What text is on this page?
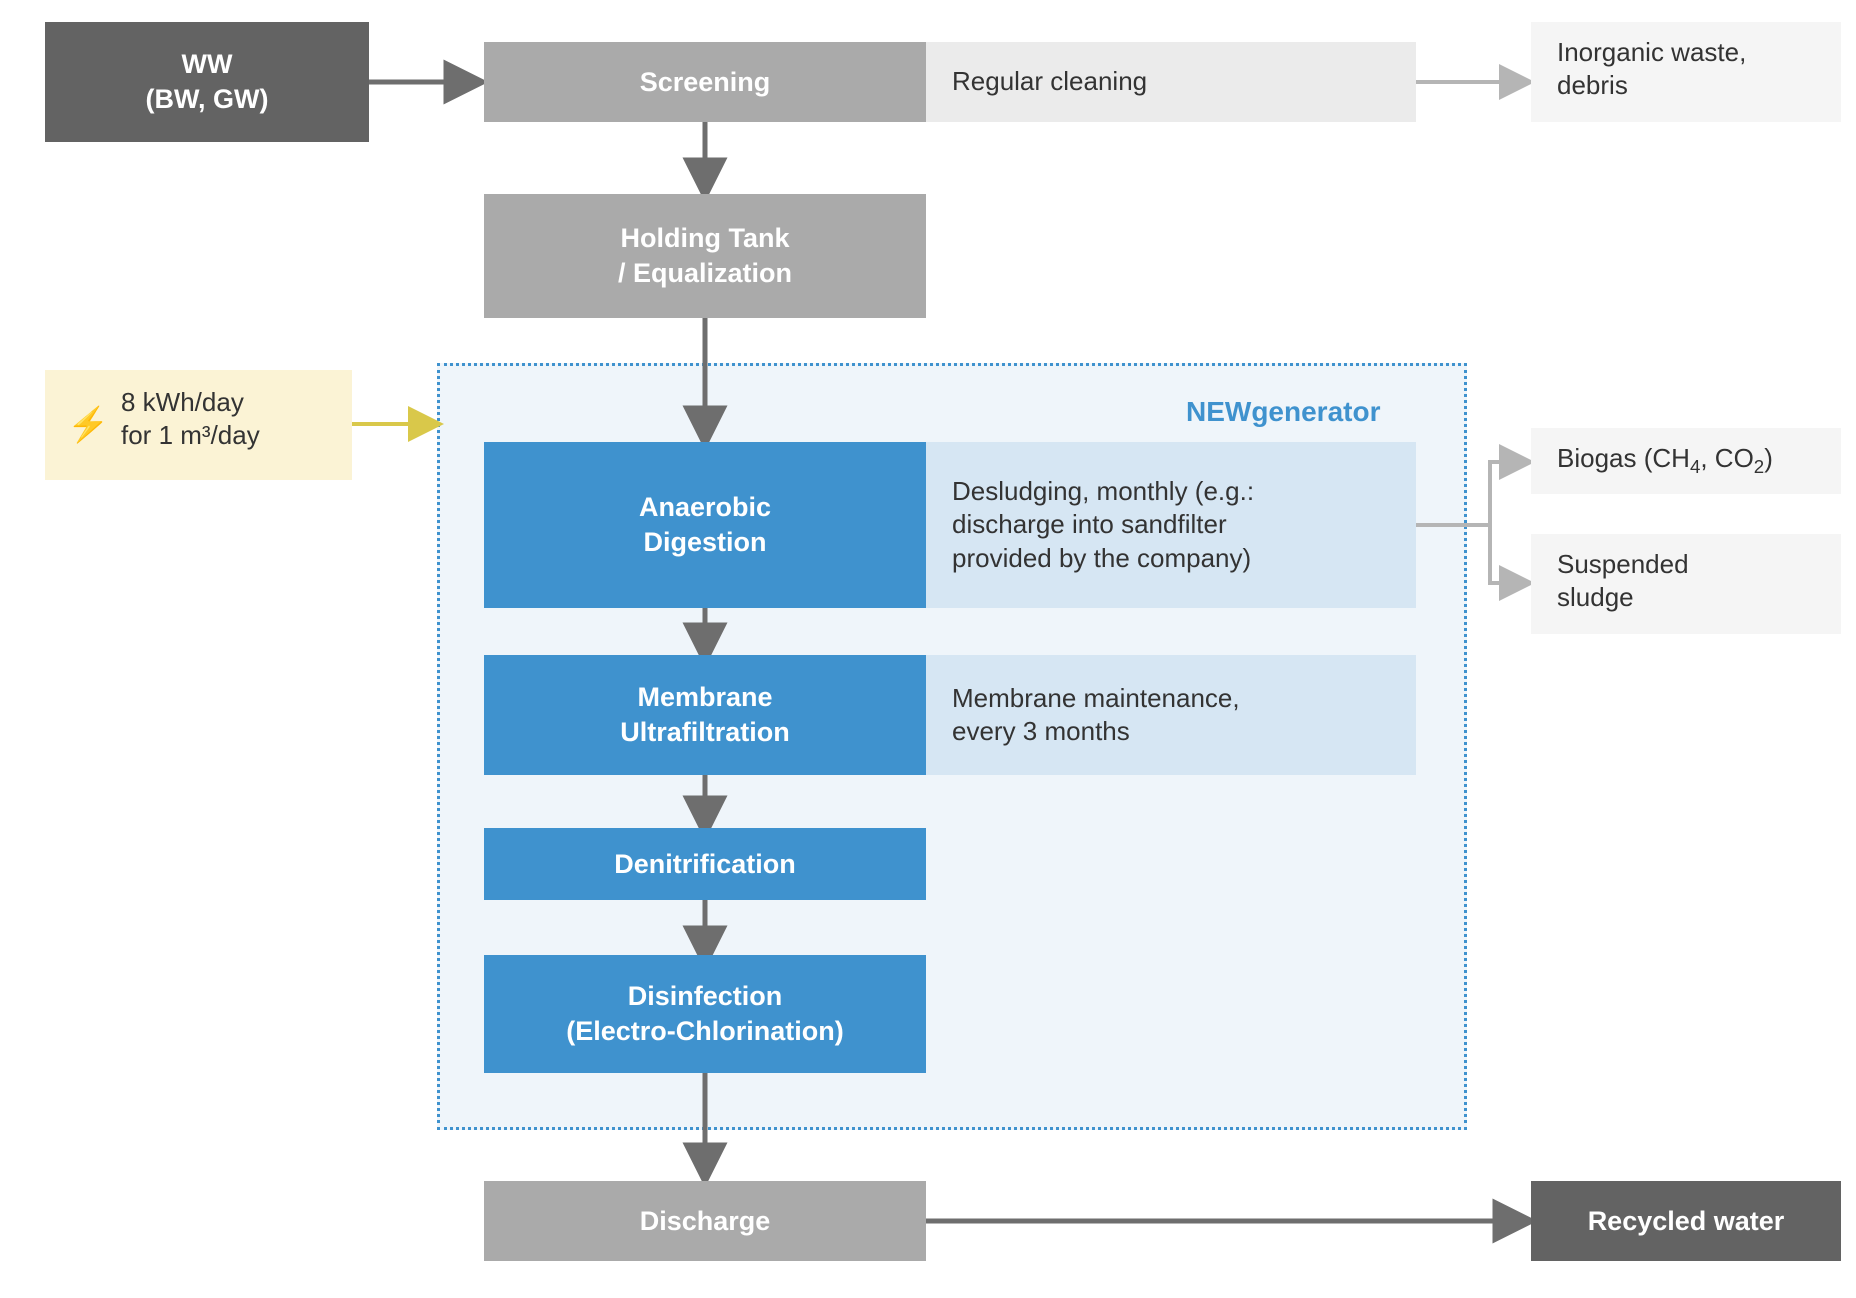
NEWgenerator
WW
(BW, GW)
Screening	Regular cleaning
Inorganic waste,
debris
Holding Tank
/ Equalization
⚡
8 kWh/day
for 1 m³/day
Anaerobic
Digestion
Desludging, monthly (e.g.:
discharge into sandfilter
provided by the company)
Biogas ($CH_4$, $CO_2$)
Suspended
sludge
Membrane
Ultrafiltration
Membrane maintenance,
every 3 months
Denitrification
Disinfection
(Electro-Chlorination)
Discharge	Recycled water
